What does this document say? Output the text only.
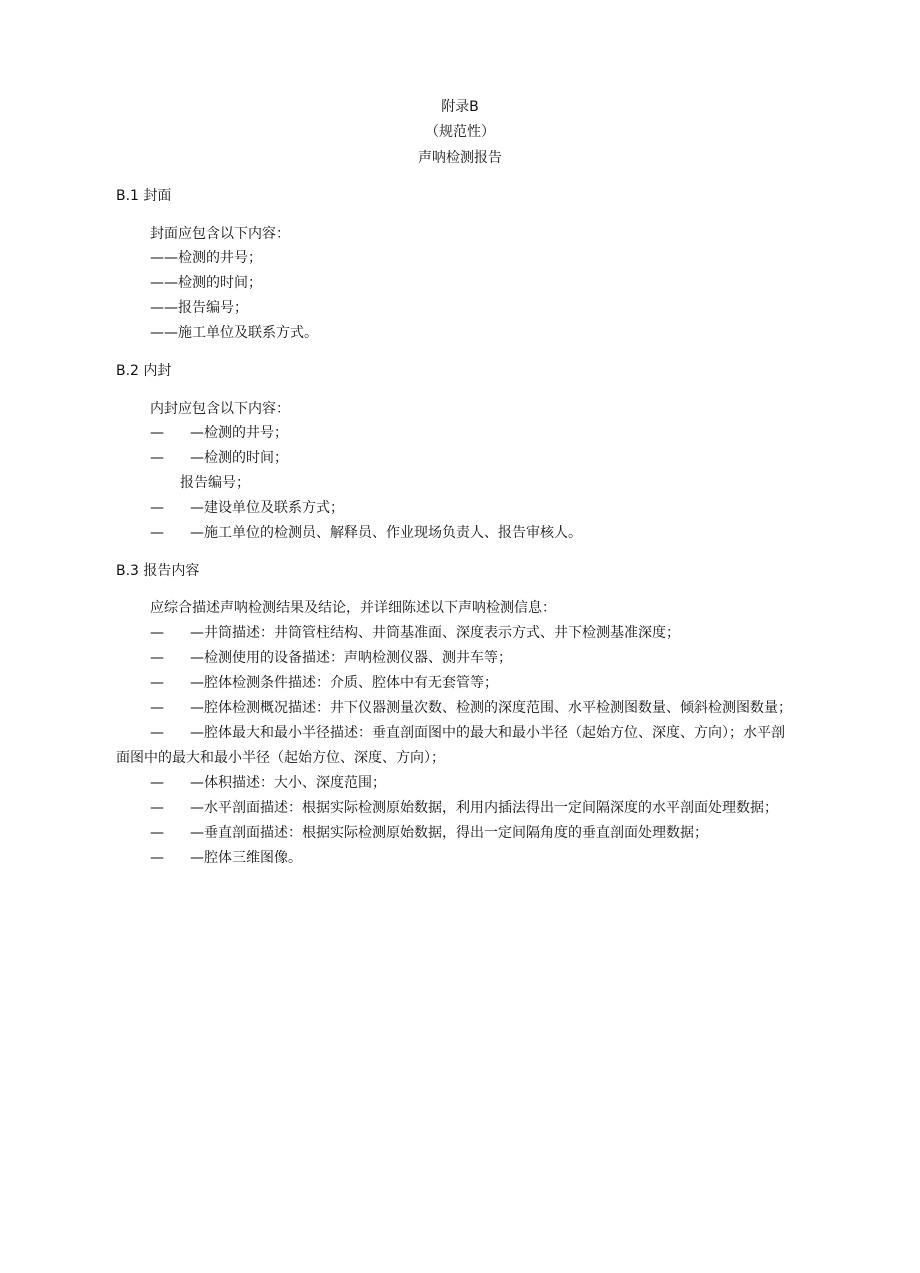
附录B
（规范性）
声呐检测报告
B.1 封面
封面应包含以下内容：
——检测的井号；
——检测的时间；
——报告编号；
——施工单位及联系方式。
B.2 内封
内封应包含以下内容：
— —检测的井号；
— —检测的时间；
报告编号；
— —建设单位及联系方式；
— —施工单位的检测员、解释员、作业现场负责人、报告审核人。
B.3 报告内容
应综合描述声呐检测结果及结论，并详细陈述以下声呐检测信息：
— —井筒描述：井筒管柱结构、井筒基准面、深度表示方式、井下检测基准深度；
— —检测使用的设备描述：声呐检测仪器、测井车等；
— —腔体检测条件描述：介质、腔体中有无套管等；
— —腔体检测概况描述：井下仪器测量次数、检测的深度范围、水平检测图数量、倾斜检测图数量；
— —腔体最大和最小半径描述：垂直剖面图中的最大和最小半径（起始方位、深度、方向）；水平剖
面图中的最大和最小半径（起始方位、深度、方向）；
— —体积描述：大小、深度范围；
— —水平剖面描述：根据实际检测原始数据，利用内插法得出一定间隔深度的水平剖面处理数据；
— —垂直剖面描述：根据实际检测原始数据，得出一定间隔角度的垂直剖面处理数据；
— —腔体三维图像。
